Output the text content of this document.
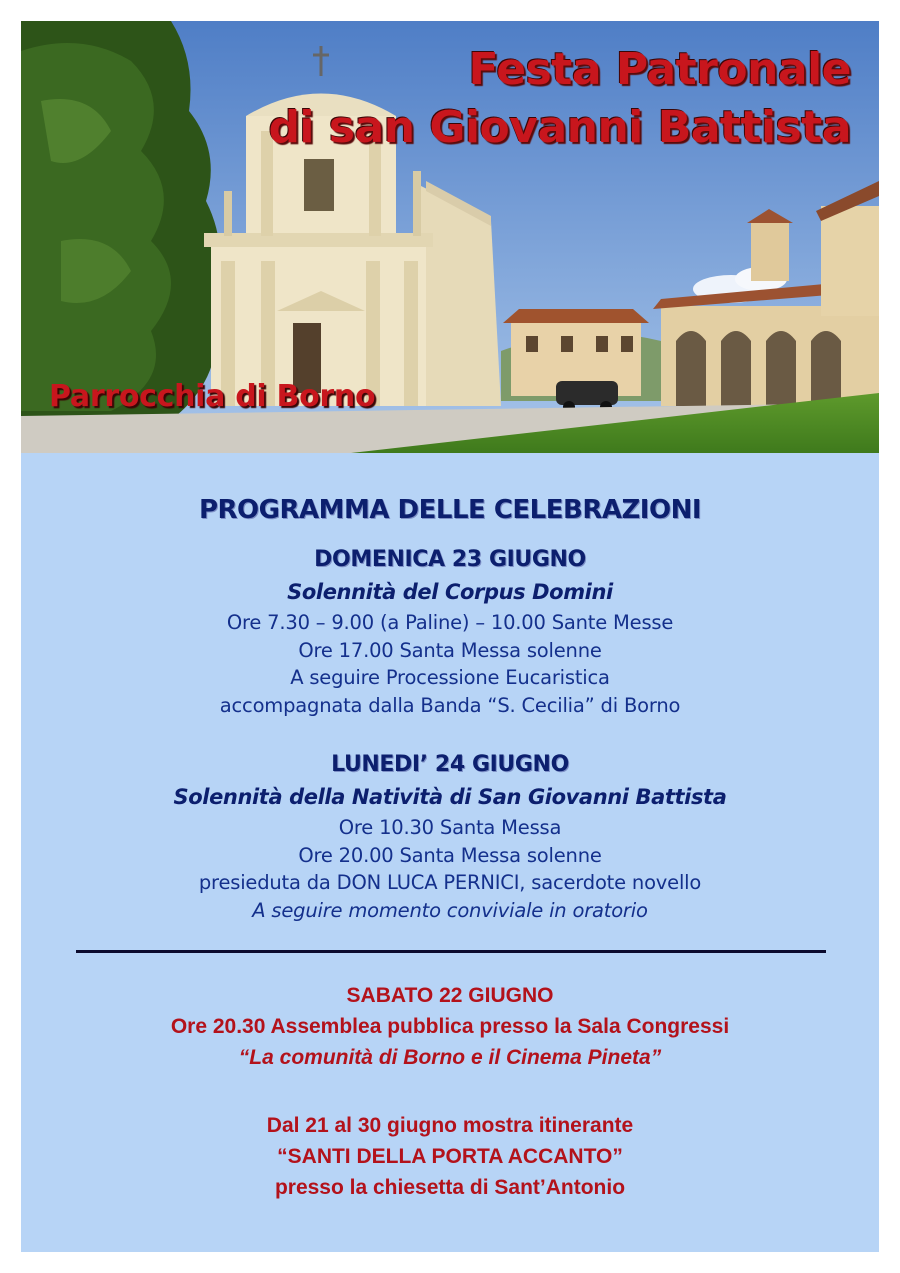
Festa Patronale
di san Giovanni Battista
Parrocchia di Borno
PROGRAMMA DELLE CELEBRAZIONI
DOMENICA 23 GIUGNO
Solennità del Corpus Domini
Ore 7.30 – 9.00 (a Paline) – 10.00 Sante Messe
Ore 17.00 Santa Messa solenne
A seguire Processione Eucaristica
accompagnata dalla Banda “S. Cecilia” di Borno
LUNEDI’ 24 GIUGNO
Solennità della Natività di San Giovanni Battista
Ore 10.30 Santa Messa
Ore 20.00 Santa Messa solenne
presieduta da DON LUCA PERNICI, sacerdote novello
A seguire momento conviviale in oratorio
SABATO 22 GIUGNO
Ore 20.30 Assemblea pubblica presso la Sala Congressi
“La comunità di Borno e il Cinema Pineta”
Dal 21 al 30 giugno mostra itinerante
“SANTI DELLA PORTA ACCANTO”
presso la chiesetta di Sant’Antonio
